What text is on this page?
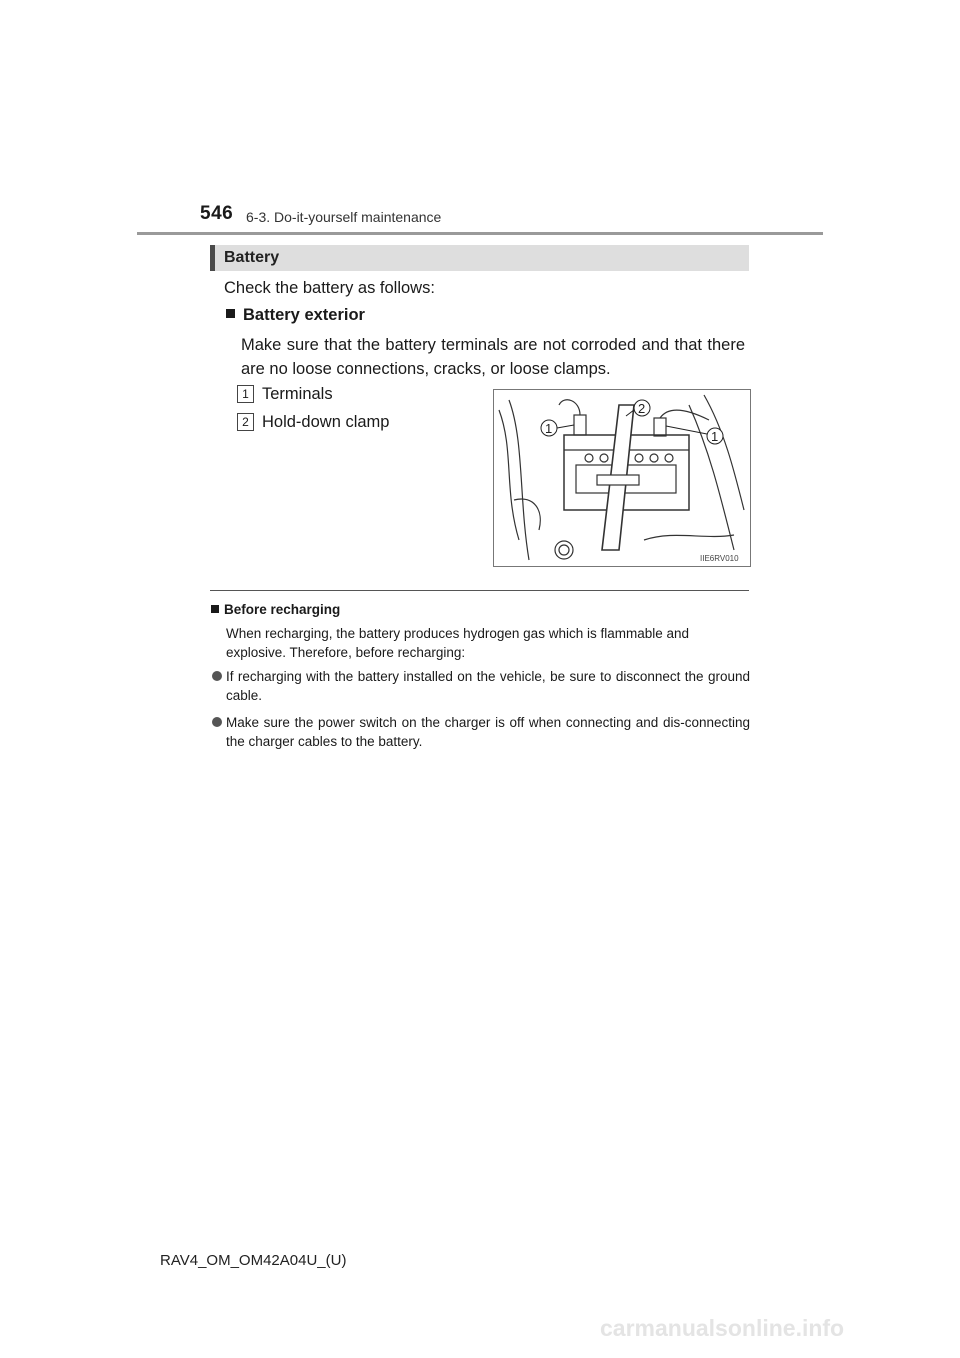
546 6-3. Do-it-yourself maintenance
Battery
Check the battery as follows:
Battery exterior
Make sure that the battery terminals are not corroded and that there are no loose connections, cracks, or loose clamps.
1 Terminals
2 Hold-down clamp	1
2
1
IIE6RV010
Before recharging
When recharging, the battery produces hydrogen gas which is flammable and explosive. Therefore, before recharging:
If recharging with the battery installed on the vehicle, be sure to disconnect the ground cable.
Make sure the power switch on the charger is off when connecting and dis-connecting the charger cables to the battery.
RAV4_OM_OM42A04U_(U)
carmanualsonline.info
